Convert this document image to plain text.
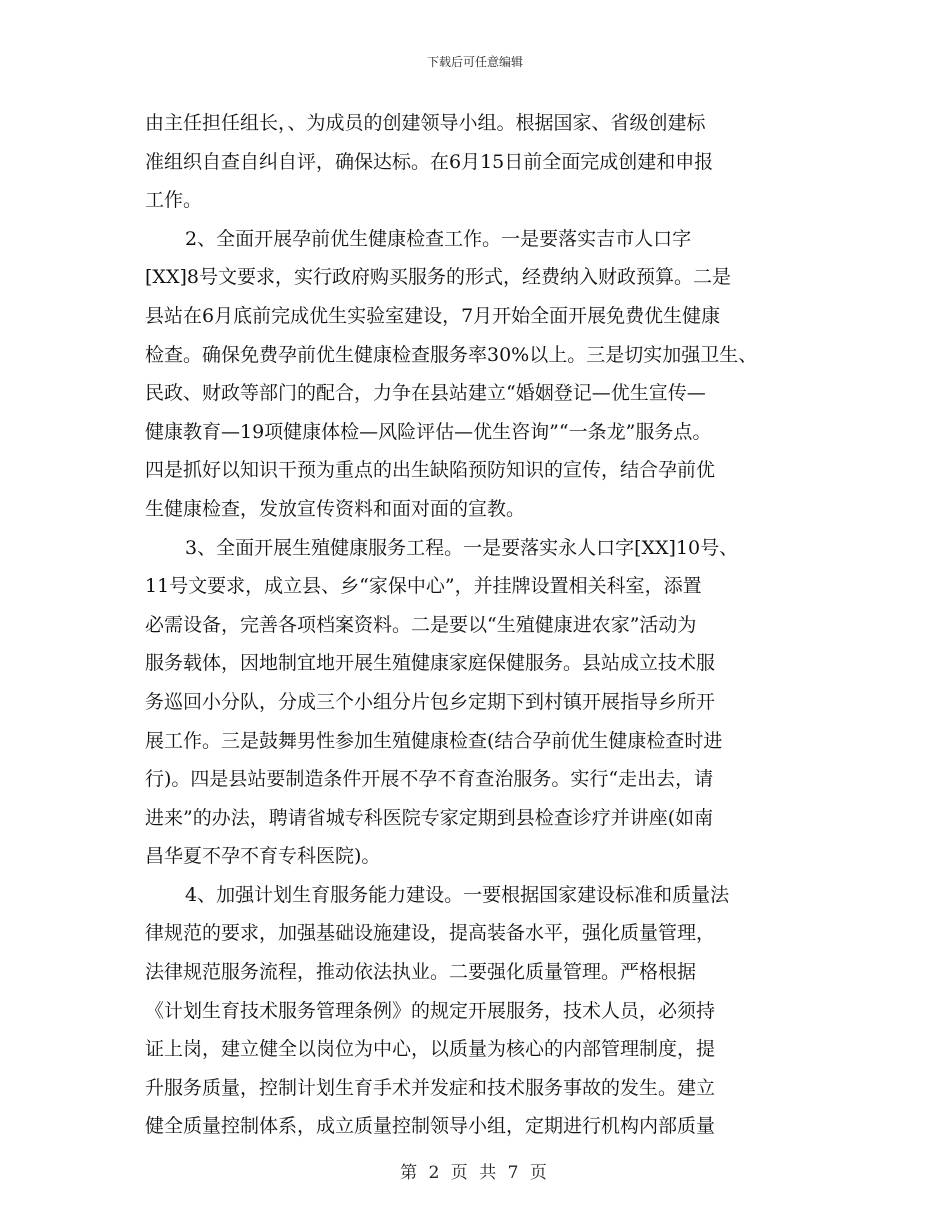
下载后可任意编辑
由主任担任组长，、为成员的创建领导小组。根据国家、省级创建标
准组织自查自纠自评，确保达标。在6月15日前全面完成创建和申报
工作。
2、全面开展孕前优生健康检查工作。一是要落实吉市人口字
[XX]8号文要求，实行政府购买服务的形式，经费纳入财政预算。二是
县站在6月底前完成优生实验室建设，7月开始全面开展免费优生健康
检查。确保免费孕前优生健康检查服务率30%以上。三是切实加强卫生、
民政、财政等部门的配合，力争在县站建立“婚姻登记—优生宣传—
健康教育—19项健康体检—风险评估—优生咨询”“一条龙”服务点。
四是抓好以知识干预为重点的出生缺陷预防知识的宣传，结合孕前优
生健康检查，发放宣传资料和面对面的宣教。
3、全面开展生殖健康服务工程。一是要落实永人口字[XX]10号、
11号文要求，成立县、乡“家保中心”，并挂牌设置相关科室，添置
必需设备，完善各项档案资料。二是要以“生殖健康进农家”活动为
服务载体，因地制宜地开展生殖健康家庭保健服务。县站成立技术服
务巡回小分队，分成三个小组分片包乡定期下到村镇开展指导乡所开
展工作。三是鼓舞男性参加生殖健康检查(结合孕前优生健康检查时进
行)。四是县站要制造条件开展不孕不育查治服务。实行“走出去，请
进来”的办法，聘请省城专科医院专家定期到县检查诊疗并讲座(如南
昌华夏不孕不育专科医院)。
4、加强计划生育服务能力建设。一要根据国家建设标准和质量法
律规范的要求，加强基础设施建设，提高装备水平，强化质量管理，
法律规范服务流程，推动依法执业。二要强化质量管理。严格根据
《计划生育技术服务管理条例》的规定开展服务，技术人员，必须持
证上岗，建立健全以岗位为中心，以质量为核心的内部管理制度，提
升服务质量，控制计划生育手术并发症和技术服务事故的发生。建立
健全质量控制体系，成立质量控制领导小组，定期进行机构内部质量
第 2 页 共 7 页
